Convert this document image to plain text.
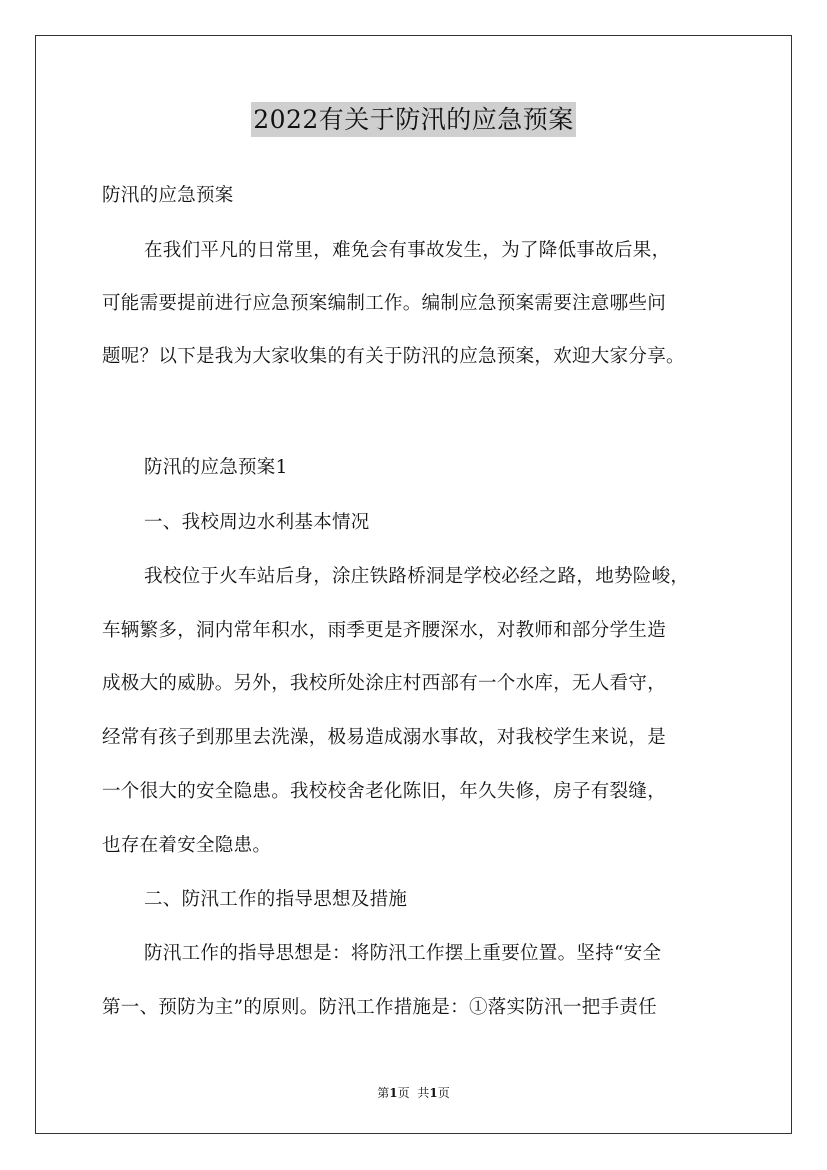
2022有关于防汛的应急预案
防汛的应急预案
在我们平凡的日常里，难免会有事故发生，为了降低事故后果，
可能需要提前进行应急预案编制工作。编制应急预案需要注意哪些问
题呢？以下是我为大家收集的有关于防汛的应急预案，欢迎大家分享。
防汛的应急预案1
一、我校周边水利基本情况
我校位于火车站后身，涂庄铁路桥洞是学校必经之路，地势险峻，
车辆繁多，洞内常年积水，雨季更是齐腰深水，对教师和部分学生造
成极大的威胁。另外，我校所处涂庄村西部有一个水库，无人看守，
经常有孩子到那里去洗澡，极易造成溺水事故，对我校学生来说，是
一个很大的安全隐患。我校校舍老化陈旧，年久失修，房子有裂缝，
也存在着安全隐患。
二、防汛工作的指导思想及措施
防汛工作的指导思想是：将防汛工作摆上重要位置。坚持“安全
第一、预防为主”的原则。防汛工作措施是：①落实防汛一把手责任
第1页 共1页
